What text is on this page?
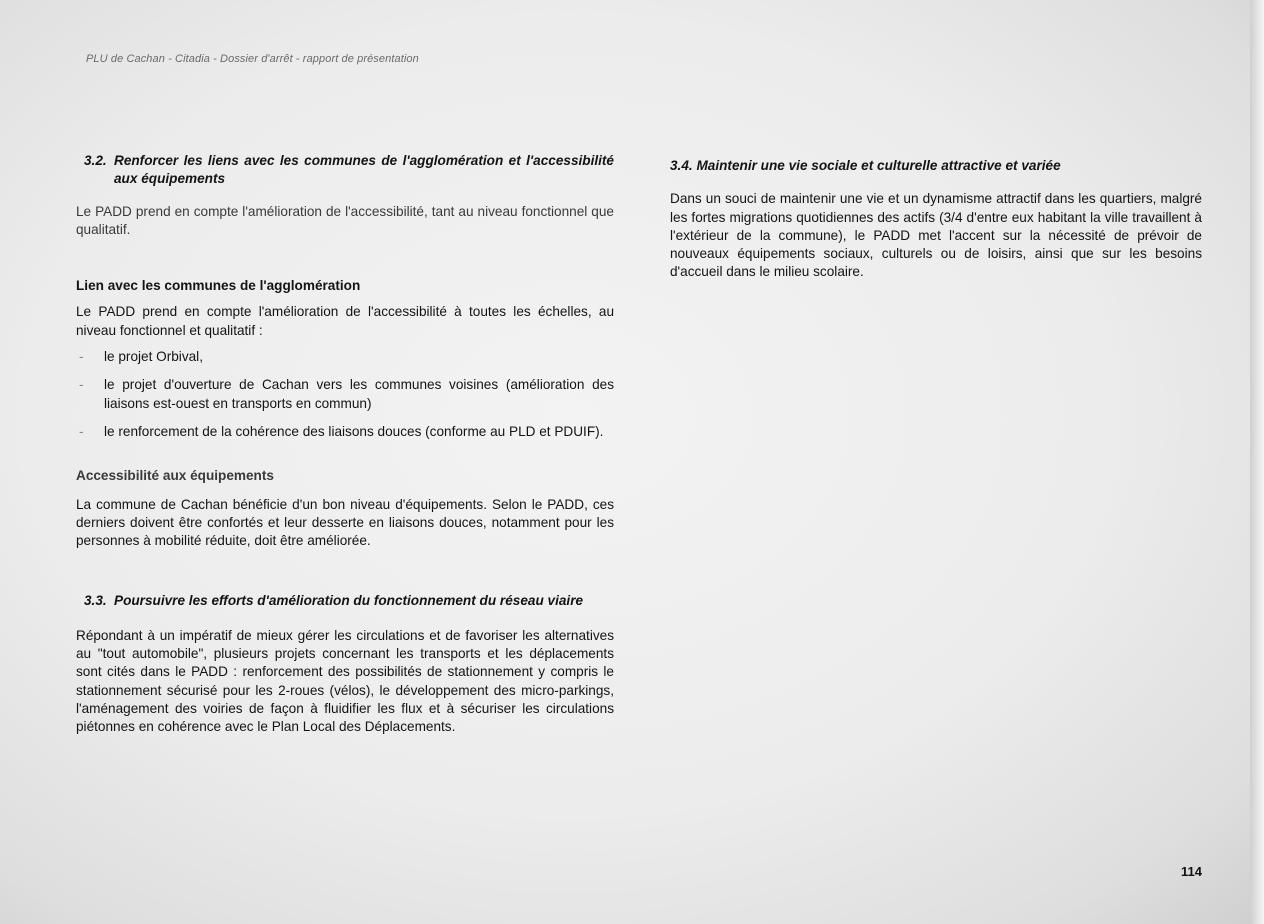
PLU de Cachan - Citadia - Dossier d'arrêt - rapport de présentation
3.2. Renforcer les liens avec les communes de l'agglomération et l'accessibilité aux équipements

Le PADD prend en compte l'amélioration de l'accessibilité, tant au niveau fonctionnel que qualitatif.

Lien avec les communes de l'agglomération

Le PADD prend en compte l'amélioration de l'accessibilité à toutes les échelles, au niveau fonctionnel et qualitatif :

-	le projet Orbival,
-	le projet d'ouverture de Cachan vers les communes voisines (amélioration des liaisons est-ouest en transports en commun)
-	le renforcement de la cohérence des liaisons douces (conforme au PLD et PDUIF).

Accessibilité aux équipements

La commune de Cachan bénéficie d'un bon niveau d'équipements. Selon le PADD, ces derniers doivent être confortés et leur desserte en liaisons douces, notamment pour les personnes à mobilité réduite, doit être améliorée.

3.3. Poursuivre les efforts d'amélioration du fonctionnement du réseau viaire

Répondant à un impératif de mieux gérer les circulations et de favoriser les alternatives au "tout automobile", plusieurs projets concernant les transports et les déplacements sont cités dans le PADD : renforcement des possibilités de stationnement y compris le stationnement sécurisé pour les 2-roues (vélos), le développement des micro-parkings, l'aménagement des voiries de façon à fluidifier les flux et à sécuriser les circulations piétonnes en cohérence avec le Plan Local des Déplacements.

3.4. Maintenir une vie sociale et culturelle attractive et variée

Dans un souci de maintenir une vie et un dynamisme attractif dans les quartiers, malgré les fortes migrations quotidiennes des actifs (3/4 d'entre eux habitant la ville travaillent à l'extérieur de la commune), le PADD met l'accent sur la nécessité de prévoir de nouveaux équipements sociaux, culturels ou de loisirs, ainsi que sur les besoins d'accueil dans le milieu scolaire.

114
